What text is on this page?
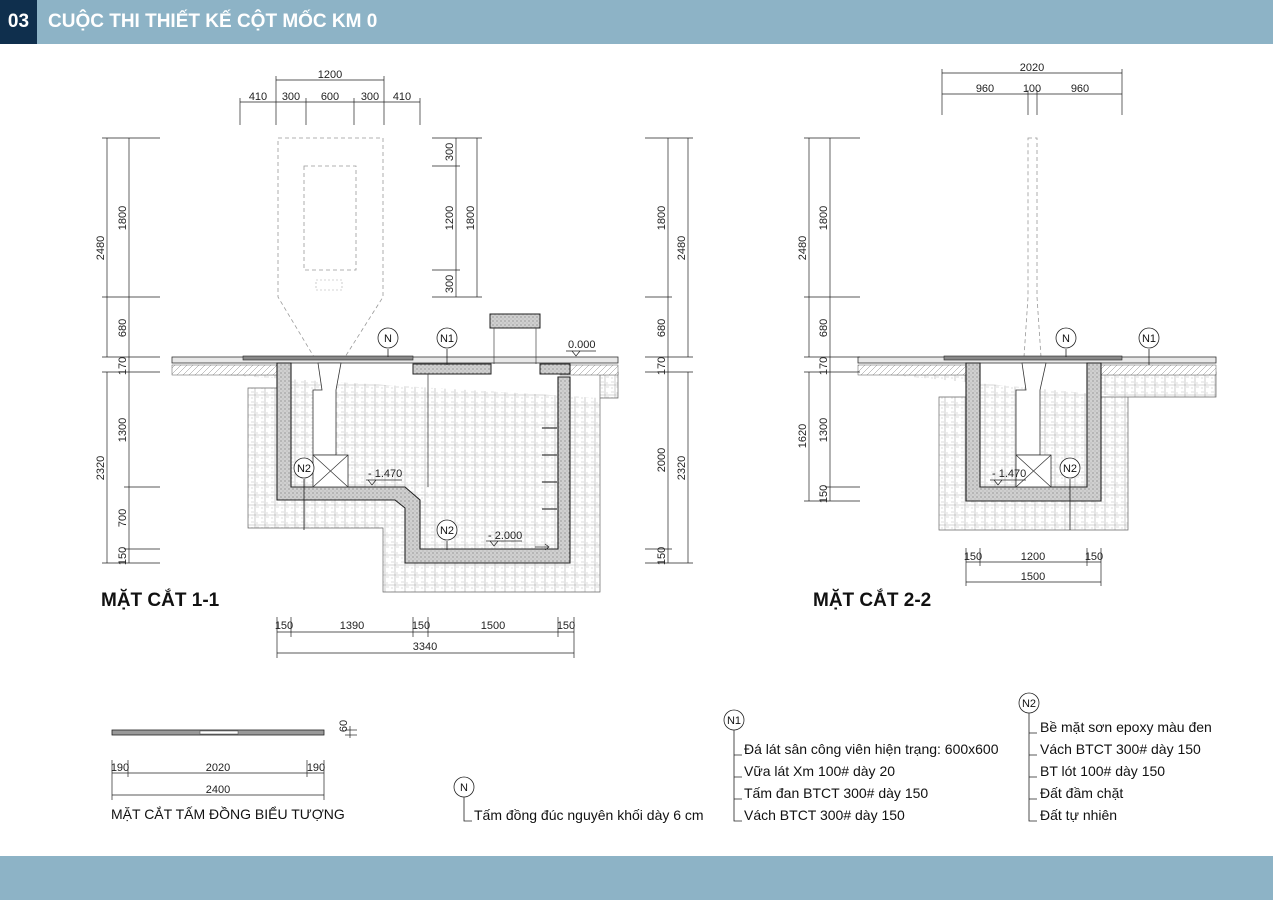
03 CUỘC THI THIẾT KẾ CỘT MỐC KM 0
1200
410 300 600 300 410
2480
1800
680
170
2320
1300
700
150
300
1200 1800
300
1800
2480
680
170
2000 2320
150
0.000
- 1.470
- 2.000
N	N1
N2
N2
150	1390	150	1500	150
3340
MẶT CẮT 1-1
2020
960	100	960
2480
1800
680
170
1620 1300
150
- 1.470
N	N1
N2
150	1200	150
1500
MẶT CẮT 2-2
190	2020	190
2400
60
MẶT CẮT TẤM ĐỒNG BIỂU TƯỢNG
N
Tấm đồng đúc nguyên khối dày 6 cm
N1
Đá lát sân công viên hiện trạng: 600x600
Vữa lát Xm 100# dày 20
Tấm đan BTCT 300# dày 150
Vách BTCT 300# dày 150
N2
Bề mặt sơn epoxy màu đen
Vách BTCT 300# dày 150
BT lót 100# dày 150
Đất đầm chặt
Đất tự nhiên
